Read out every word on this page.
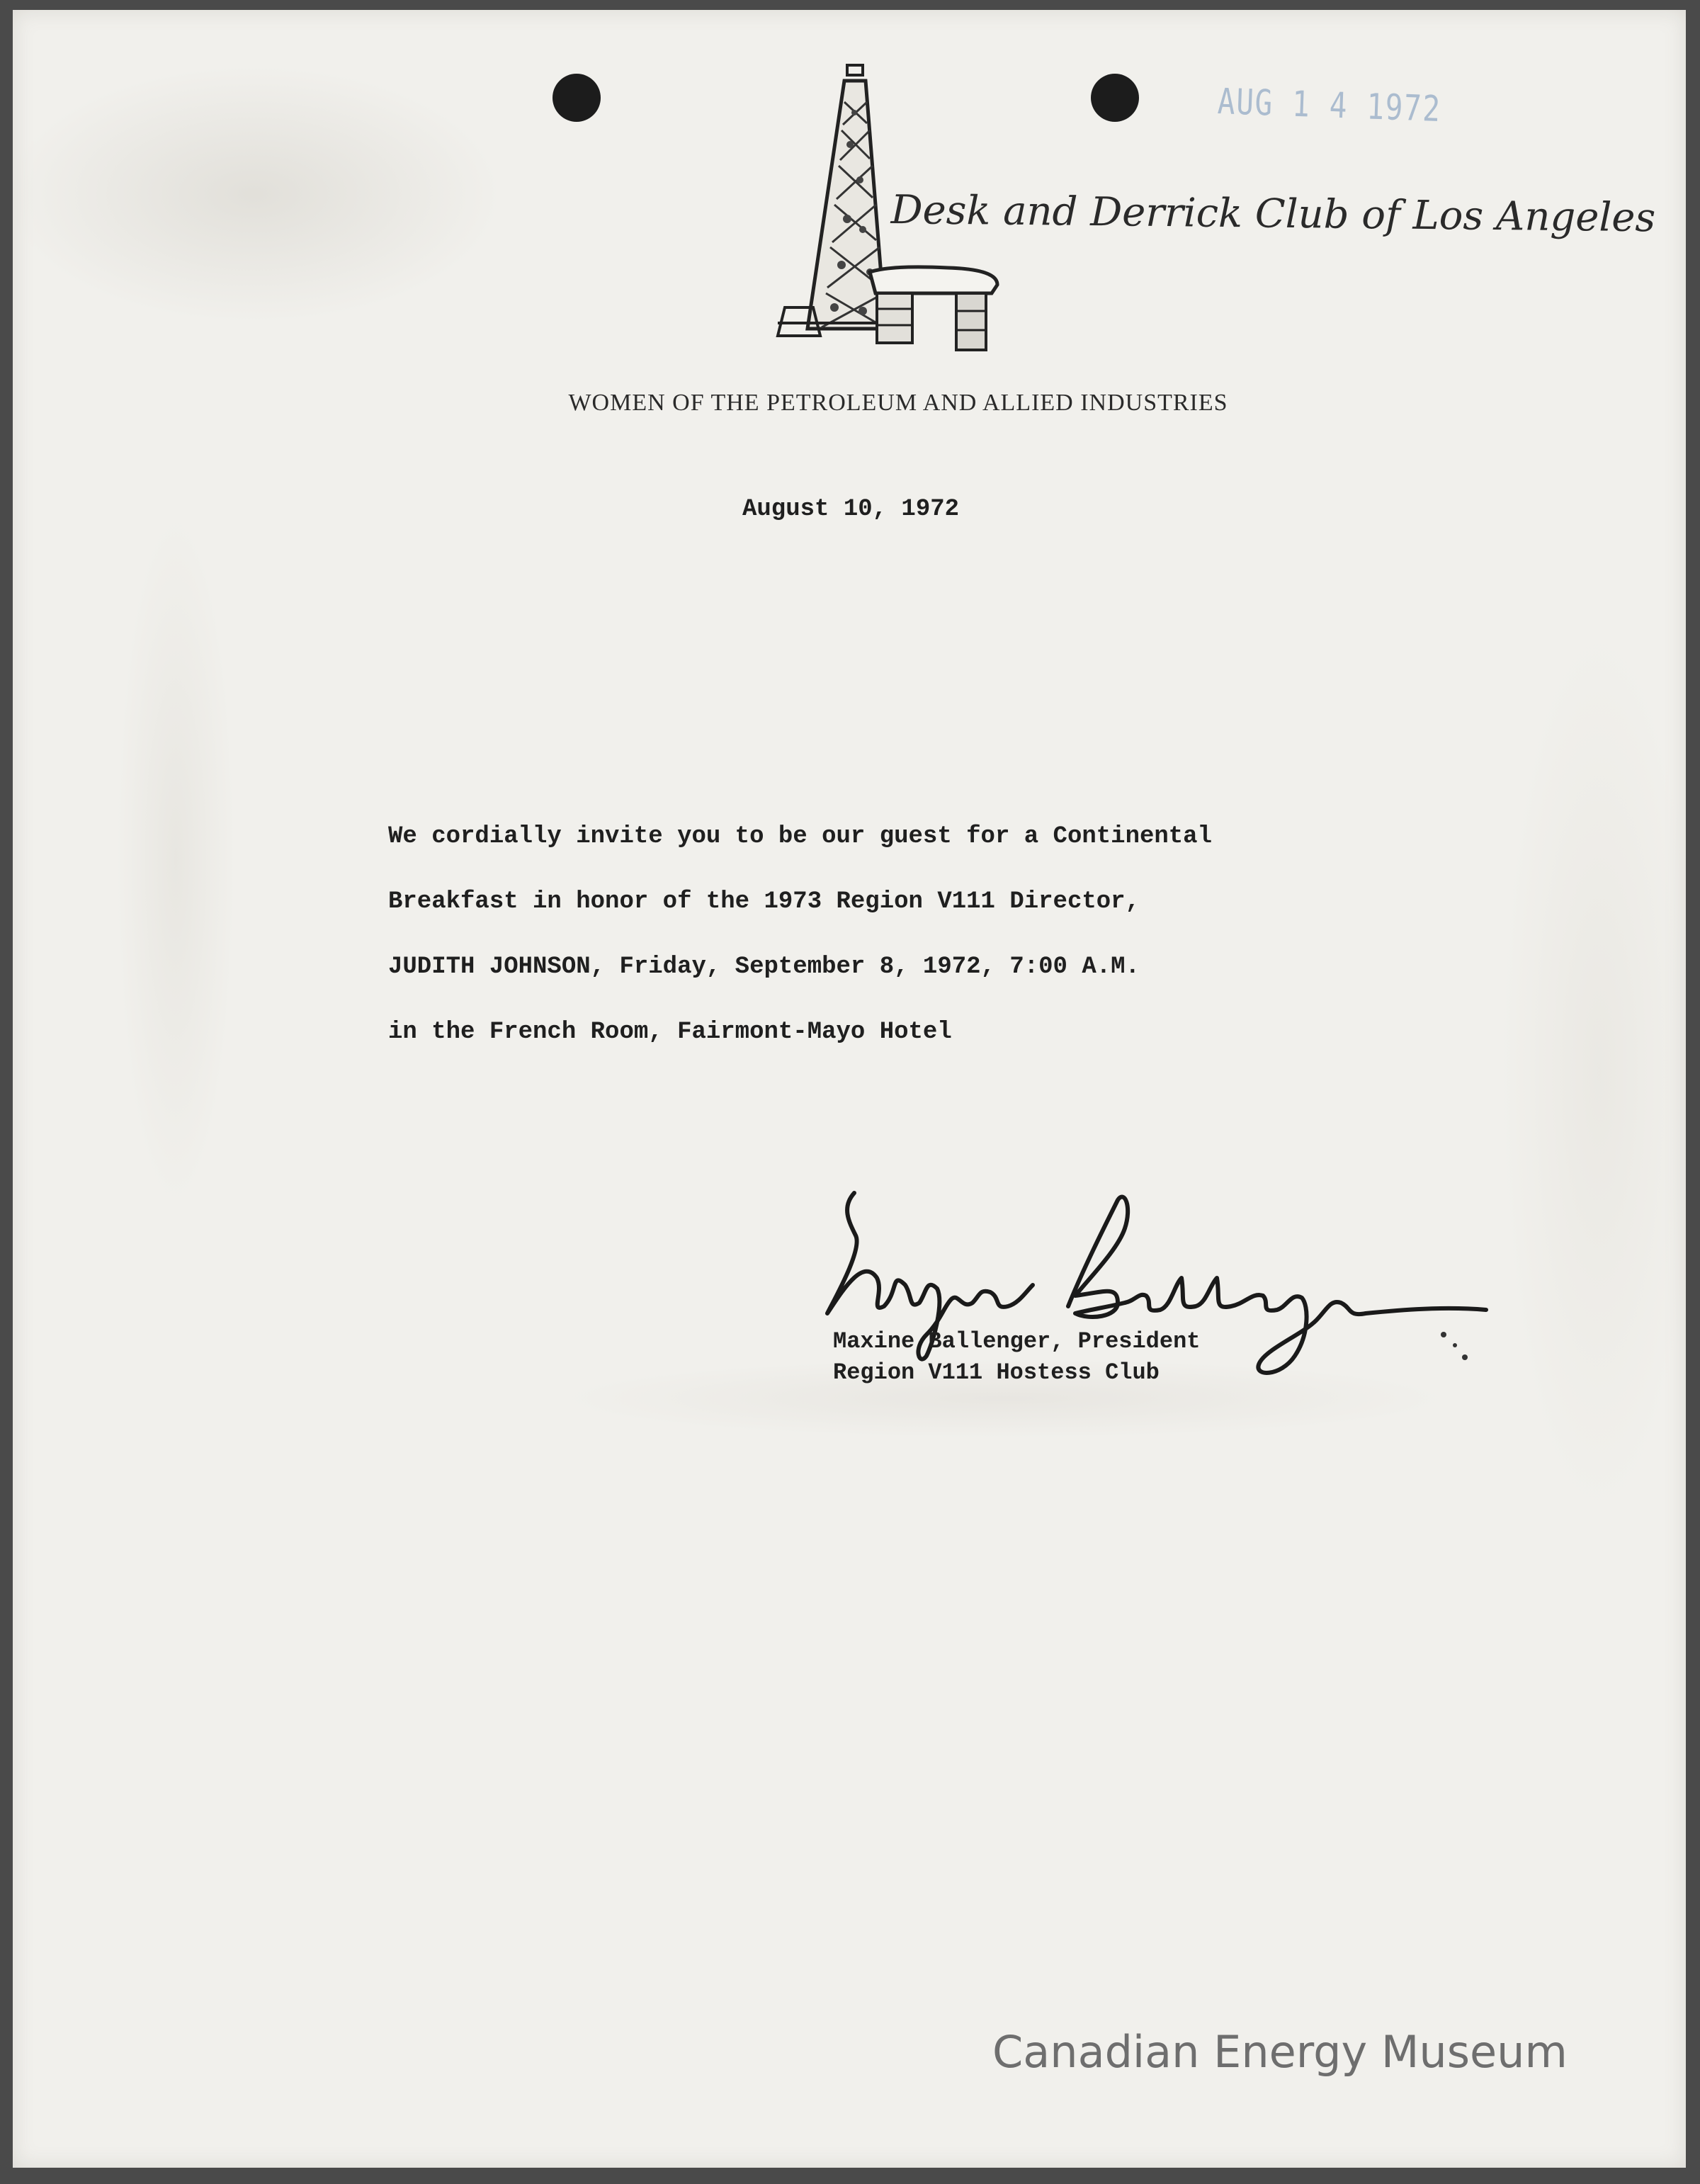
AUG 1 4 1972
Desk and Derrick Club of Los Angeles
WOMEN OF THE PETROLEUM AND ALLIED INDUSTRIES
August 10, 1972
We cordially invite you to be our guest for a Continental
Breakfast in honor of the 1973 Region V111 Director,
JUDITH JOHNSON, Friday, September 8, 1972, 7:00 A.M.
in the French Room, Fairmont-Mayo Hotel
Maxine Ballenger, President
Region V111 Hostess Club
Canadian Energy Museum
